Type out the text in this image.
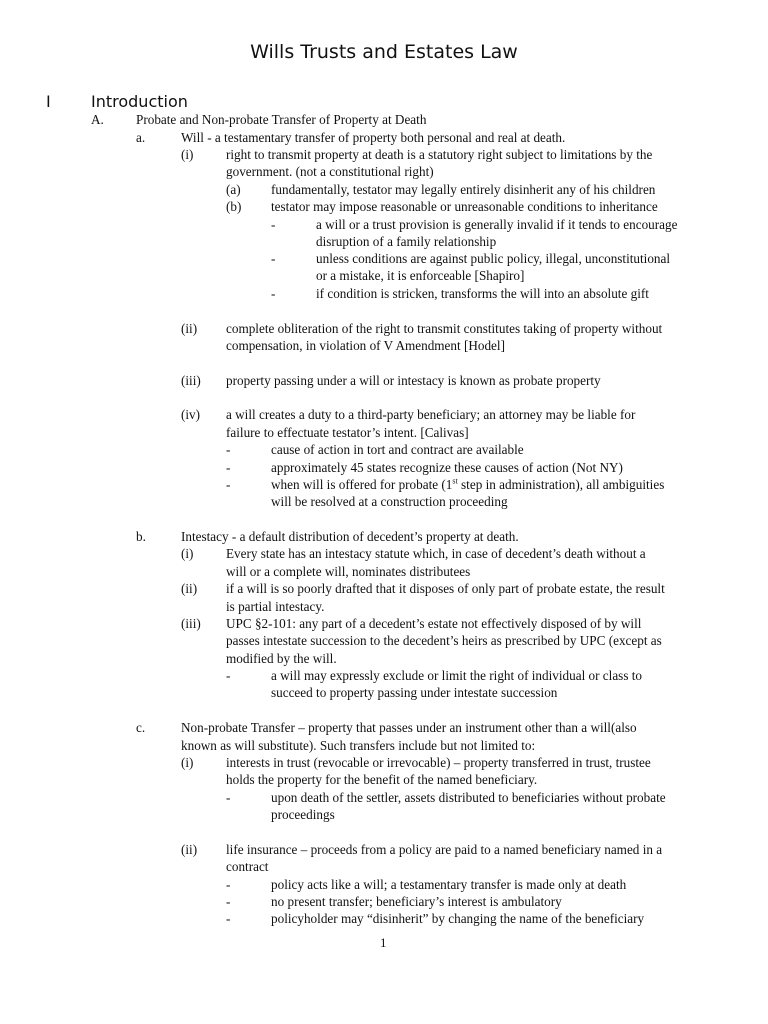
Wills Trusts and Estates Law
I	Introduction
A. Probate and Non-probate Transfer of Property at Death
a.	Will - a testamentary transfer of property both personal and real at death.
(i) right to transmit property at death is a statutory right subject to limitations by the
government. (not a constitutional right)
(a) fundamentally, testator may legally entirely disinherit any of his children
(b) testator may impose reasonable or unreasonable conditions to inheritance
-	a will or a trust provision is generally invalid if it tends to encourage
disruption of a family relationship
-	unless conditions are against public policy, illegal, unconstitutional
or a mistake, it is enforceable [Shapiro]
-	if condition is stricken, transforms the will into an absolute gift
(ii) complete obliteration of the right to transmit constitutes taking of property without
compensation, in violation of V Amendment [Hodel]
(iii) property passing under a will or intestacy is known as probate property
(iv) a will creates a duty to a third-party beneficiary; an attorney may be liable for
failure to effectuate testator’s intent. [Calivas]
-	cause of action in tort and contract are available
-	approximately 45 states recognize these causes of action (Not NY)
-	when will is offered for probate (1st step in administration), all ambiguities
will be resolved at a construction proceeding
b.	Intestacy - a default distribution of decedent’s property at death.
(i) Every state has an intestacy statute which, in case of decedent’s death without a
will or a complete will, nominates distributees
(ii) if a will is so poorly drafted that it disposes of only part of probate estate, the result
is partial intestacy.
(iii) UPC §2-101: any part of a decedent’s estate not effectively disposed of by will
passes intestate succession to the decedent’s heirs as prescribed by UPC (except as
modified by the will.
-	a will may expressly exclude or limit the right of individual or class to
succeed to property passing under intestate succession
c.	Non-probate Transfer – property that passes under an instrument other than a will(also
known as will substitute). Such transfers include but not limited to:
(i) interests in trust (revocable or irrevocable) – property transferred in trust, trustee
holds the property for the benefit of the named beneficiary.
-	upon death of the settler, assets distributed to beneficiaries without probate
proceedings
(ii) life insurance – proceeds from a policy are paid to a named beneficiary named in a
contract
-	policy acts like a will; a testamentary transfer is made only at death
-	no present transfer; beneficiary’s interest is ambulatory
-	policyholder may “disinherit” by changing the name of the beneficiary
1
